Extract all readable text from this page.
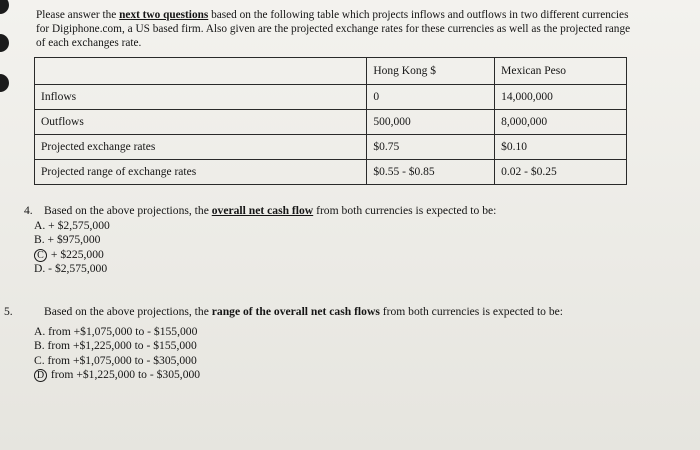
Please answer the next two questions based on the following table which projects inflows and outflows in two different currencies for Digiphone.com, a US based firm. Also given are the projected exchange rates for these currencies as well as the projected range of each exchanges rate.

	Hong Kong $	Mexican Peso
Inflows	0	14,000,000
Outflows	500,000	8,000,000
Projected exchange rates	$0.75	$0.10
Projected range of exchange rates	$0.55 - $0.85	0.02 - $0.25
4. Based on the above projections, the overall net cash flow from both currencies is expected to be:
A. + $2,575,000
B. + $975,000
C + $225,000
D. - $2,575,000
5.	Based on the above projections, the range of the overall net cash flows from both currencies is expected to be:
A. from +$1,075,000 to - $155,000
B. from +$1,225,000 to - $155,000
C. from +$1,075,000 to - $305,000
D from +$1,225,000 to - $305,000
